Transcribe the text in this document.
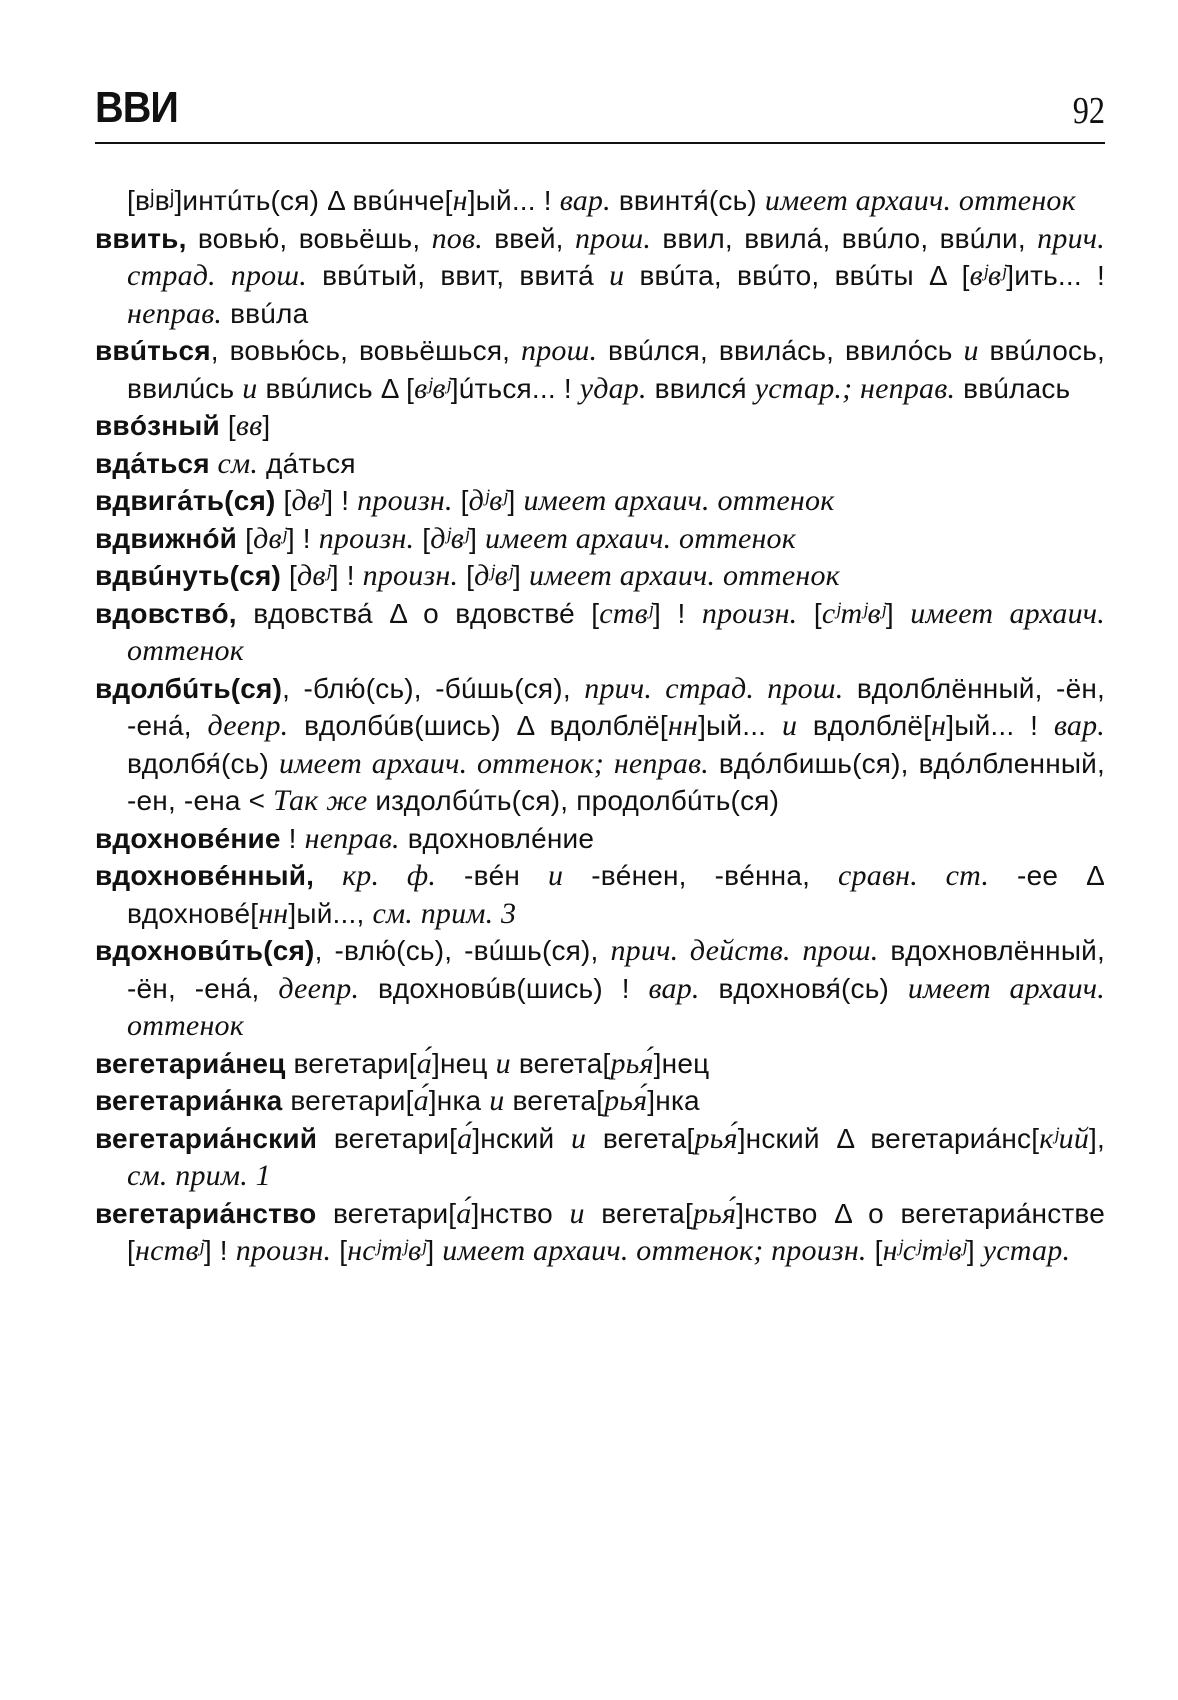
ВВИ	92
[вʲвʲ]интúть(ся) Δ ввúнче[н]ый... ! вар. ввинтя́(сь) имеет архаич. оттенок
ввить, вовью́, вовьёшь, пов. ввей, прош. ввил, ввила́, ввúло, ввúли, прич. страд. прош. ввúтый, ввит, ввита́ и ввúта, ввúто, ввúты Δ [вʲвʲ]ить... ! неправ. ввúла
ввúться, вовью́сь, вовьёшься, прош. ввúлся, ввила́сь, ввило́сь и ввúлось, ввилúсь и ввúлись Δ [вʲвʲ]úться... ! удар. ввился́ устар.; неправ. ввúлась
ввóзный [вв]
вда́ться см. да́ться
вдвига́ть(ся) [двʲ] ! произн. [дʲвʲ] имеет архаич. оттенок
вдвижнóй [двʲ] ! произн. [дʲвʲ] имеет архаич. оттенок
вдвúнуть(ся) [двʲ] ! произн. [дʲвʲ] имеет архаич. оттенок
вдовствó, вдовства́ Δ о вдовстве́ [ствʲ] ! произн. [сʲтʲвʲ] имеет архаич. оттенок
вдолбúть(ся), -блю́(сь), -бúшь(ся), прич. страд. прош. вдолблённый, -ён, -ена́, деепр. вдолбúв(шись) Δ вдолблё[нн]ый... и вдолблё[н]ый... ! вар. вдолбя́(сь) имеет архаич. оттенок; неправ. вдóлбишь(ся), вдóлбленный, -ен, -ена < Так же издолбúть(ся), продолбúть(ся)
вдохновéние ! неправ. вдохновлéние
вдохновéнный, кр. ф. -вéн и -вéнен, -вéнна, сравн. ст. -ее Δ вдохновé[нн]ый..., см. прим. 3
вдохновúть(ся), -влю́(сь), -вúшь(ся), прич. действ. прош. вдохновлённый, -ён, -ена́, деепр. вдохновúв(шись) ! вар. вдохновя́(сь) имеет архаич. оттенок
вегетариа́нец вегетари[а́]нец и вегета[рья́]нец
вегетариа́нка вегетари[а́]нка и вегета[рья́]нка
вегетариа́нский вегетари[а́]нский и вегета[рья́]нский Δ вегетариа́нс[кʲий], см. прим. 1
вегетариа́нство вегетари[а́]нство и вегета[рья́]нство Δ о вегетариа́нстве [нствʲ] ! произн. [нсʲтʲвʲ] имеет архаич. оттенок; произн. [нʲсʲтʲвʲ] устар.
